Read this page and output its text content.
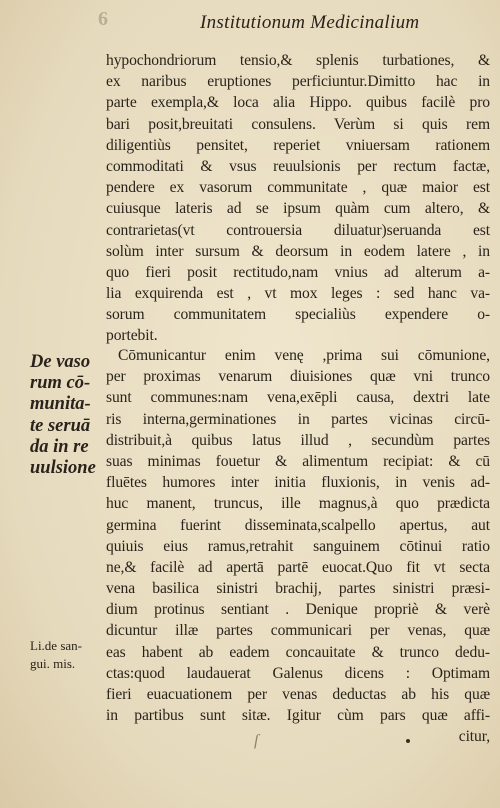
6	Institutionum Medicinalium
hypochondriorum tensio,& splenis turbationes, &
ex naribus eruptiones perficiuntur.Dimitto hac in
parte exempla,& loca alia Hippo. quibus facilè pro
bari posit,breuitati consulens. Verùm si quis rem
diligentiùs pensitet, reperiet vniuersam rationem
commoditati & vsus reuulsionis per rectum factæ,
pendere ex vasorum communitate , quæ maior est
cuiusque lateris ad se ipsum quàm cum altero, &
contrarietas(vt controuersia diluatur)seruanda est
solùm inter sursum & deorsum in eodem latere , in
quo fieri posit rectitudo,nam vnius ad alterum a-
lia exquirenda est , vt mox leges : sed hanc va-
sorum communitatem specialiùs expendere o-
portebit.
De vaso
rum cō-
munita-
te seruā
da in re
uulsione
Cōmunicantur enim venę ,prima sui cōmunione,
per proximas venarum diuisiones quæ vni trunco
sunt communes:nam vena,exēpli causa, dextri late
ris interna,germinationes in partes vicinas circū-
distribuit,à quibus latus illud , secundùm partes
suas minimas fouetur & alimentum recipiat: & cū
fluētes humores inter initia fluxionis, in venis ad-
huc manent, truncus, ille magnus,à quo prædicta
germina fuerint disseminata,scalpello apertus, aut
quiuis eius ramus,retrahit sanguinem cōtinui ratio
ne,& facilè ad apertā partē euocat.Quo fit vt secta
vena basilica sinistri brachij, partes sinistri præsi-
dium protinus sentiant . Denique propriè & verè
dicuntur illæ partes communicari per venas, quæ
eas habent ab eadem concauitate & trunco dedu-
ctas:quod laudauerat Galenus dicens : Optimam
fieri euacuationem per venas deductas ab his quæ
in partibus sunt sitæ. Igitur cùm pars quæ affi-
citur,
Li.de san-
gui. mis.
ſ
